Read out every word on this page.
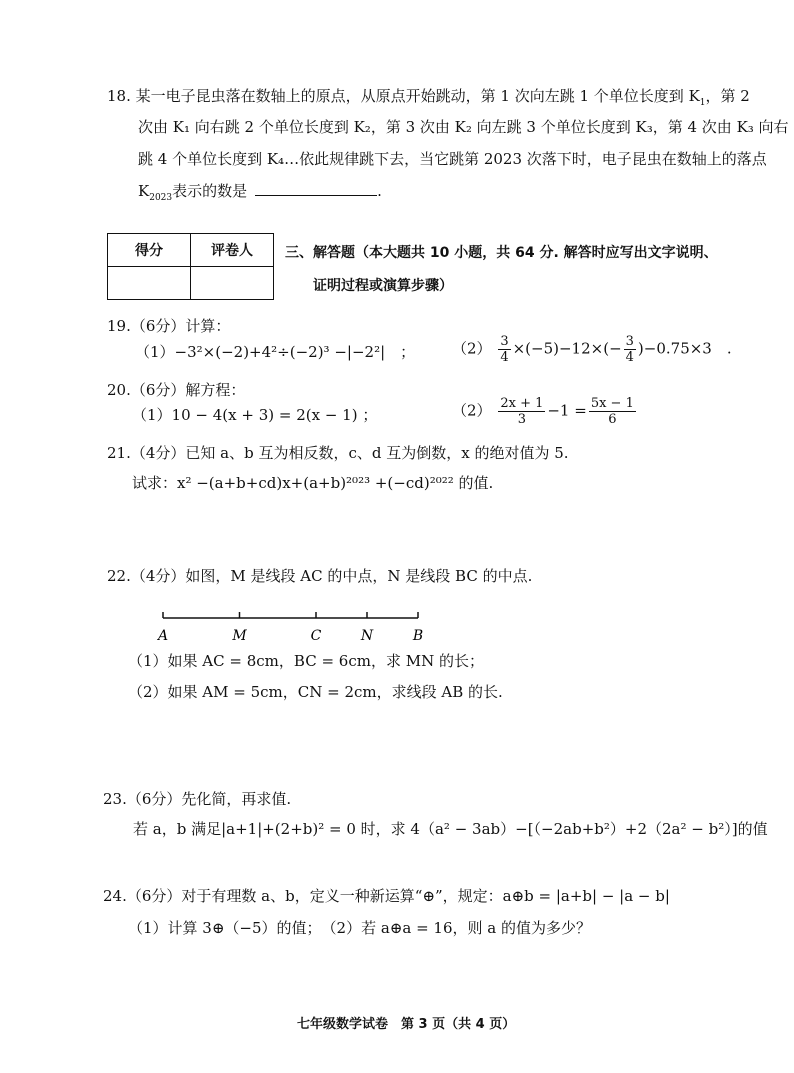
18. 某一电子昆虫落在数轴上的原点，从原点开始跳动，第 1 次向左跳 1 个单位长度到 $K_1$，第 2
次由 K₁ 向右跳 2 个单位长度到 K₂，第 3 次由 K₂ 向左跳 3 个单位长度到 K₃，第 4 次由 K₃ 向右
跳 4 个单位长度到 K₄…依此规律跳下去，当它跳第 2023 次落下时，电子昆虫在数轴上的落点
$K_{2023}$表示的数是	.
得分	评卷人
	三、解答题（本大题共 10 小题，共 64 分. 解答时应写出文字说明、
证明过程或演算步骤）
19.（6分）计算：
（1）−3²×(−2)+4²÷(−2)³ −|−2²|　； $(2) \frac{3}{4} \times(-5)-12\times(- \frac{3}{4} )-0.75\times 3$　.
20.（6分）解方程：
（1）10 − 4(x + 3) = 2(x − 1) ；	$(2) \frac{2x + 1}{3} -1 = \frac{5x - 1}{6}$
21.（4分）已知 a、b 互为相反数，c、d 互为倒数，x 的绝对值为 5.
试求：x² −(a+b+cd)x+(a+b)²⁰²³ +(−cd)²⁰²² 的值.
22.（4分）如图，M 是线段 AC 的中点，N 是线段 BC 的中点.
A	M	C	N	B
（1）如果 AC = 8cm，BC = 6cm，求 MN 的长；
（2）如果 AM = 5cm，CN = 2cm，求线段 AB 的长.
23.（6分）先化简，再求值.
若 a，b 满足|a+1|+(2+b)² = 0 时，求 4（a² − 3ab）−[（−2ab+b²）+2（2a² − b²）]的值
24.（6分）对于有理数 a、b，定义一种新运算“⊕”，规定：a⊕b = |a+b| − |a − b|
（1）计算 3⊕（−5）的值；　（2）若 a⊕a = 16，则 a 的值为多少？
七年级数学试卷　第 3 页（共 4 页）
